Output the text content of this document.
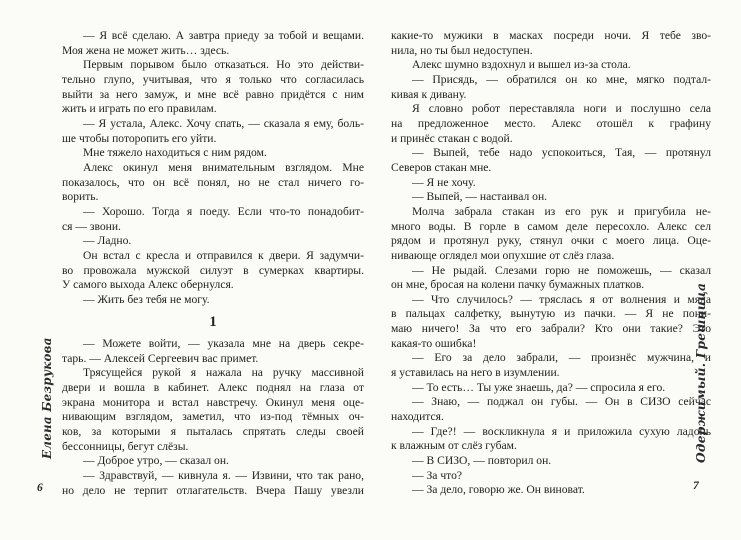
Елена Безрукова
— Я всё сделаю. А завтра приеду за тобой и вещами.
Моя жена не может жить… здесь.
Первым порывом было отказаться. Но это действи-
тельно глупо, учитывая, что я только что согласилась
выйти за него замуж, и мне всё равно придётся с ним
жить и играть по его правилам.
— Я устала, Алекс. Хочу спать, — сказала я ему, боль-
ше чтобы поторопить его уйти.
Мне тяжело находиться с ним рядом.
Алекс окинул меня внимательным взглядом. Мне
показалось, что он всё понял, но не стал ничего го-
ворить.
— Хорошо. Тогда я поеду. Если что-то понадобит-
ся — звони.
— Ладно.
Он встал с кресла и отправился к двери. Я задумчи-
во провожала мужской силуэт в сумерках квартиры.
У самого выхода Алекс обернулся.
— Жить без тебя не могу.
1
— Можете войти, — указала мне на дверь секре-
тарь. — Алексей Сергеевич вас примет.
Трясущейся рукой я нажала на ручку массивной
двери и вошла в кабинет. Алекс поднял на глаза от
экрана монитора и встал навстречу. Окинул меня оце-
нивающим взглядом, заметил, что из-под тёмных оч-
ков, за которыми я пыталась спрятать следы своей
бессонницы, бегут слёзы.
— Доброе утро, — сказал он.
— Здравствуй, — кивнула я. — Извини, что так рано,
но дело не терпит отлагательств. Вчера Пашу увезли
какие-то мужики в масках посреди ночи. Я тебе зво-
нила, но ты был недоступен.
Алекс шумно вздохнул и вышел из-за стола.
— Присядь, — обратился он ко мне, мягко подтал-
кивая к дивану.
Я словно робот переставляла ноги и послушно села
на предложенное место. Алекс отошёл к графину
и принёс стакан с водой.
— Выпей, тебе надо успокоиться, Тая, — протянул
Северов стакан мне.
— Я не хочу.
— Выпей, — настаивал он.
Молча забрала стакан из его рук и пригубила не-
много воды. В горле в самом деле пересохло. Алекс сел
рядом и протянул руку, стянул очки с моего лица. Оце-
нивающе оглядел мои опухшие от слёз глаза.
— Не рыдай. Слезами горю не поможешь, — сказал
он мне, бросая на колени пачку бумажных платков.
— Что случилось? — тряслась я от волнения и мяла
в пальцах салфетку, вынутую из пачки. — Я не пони-
маю ничего! За что его забрали? Кто они такие? Это
какая-то ошибка!
— Его за дело забрали, — произнёс мужчина, и
я уставилась на него в изумлении.
— То есть… Ты уже знаешь, да? — спросила я его.
— Знаю, — поджал он губы. — Он в СИЗО сейчас
находится.
— Где?! — воскликнула я и приложила сухую ладонь
к влажным от слёз губам.
— В СИЗО, — повторил он.
— За что?
— За дело, говорю же. Он виноват.
Одержимый. Грешница
6	7
